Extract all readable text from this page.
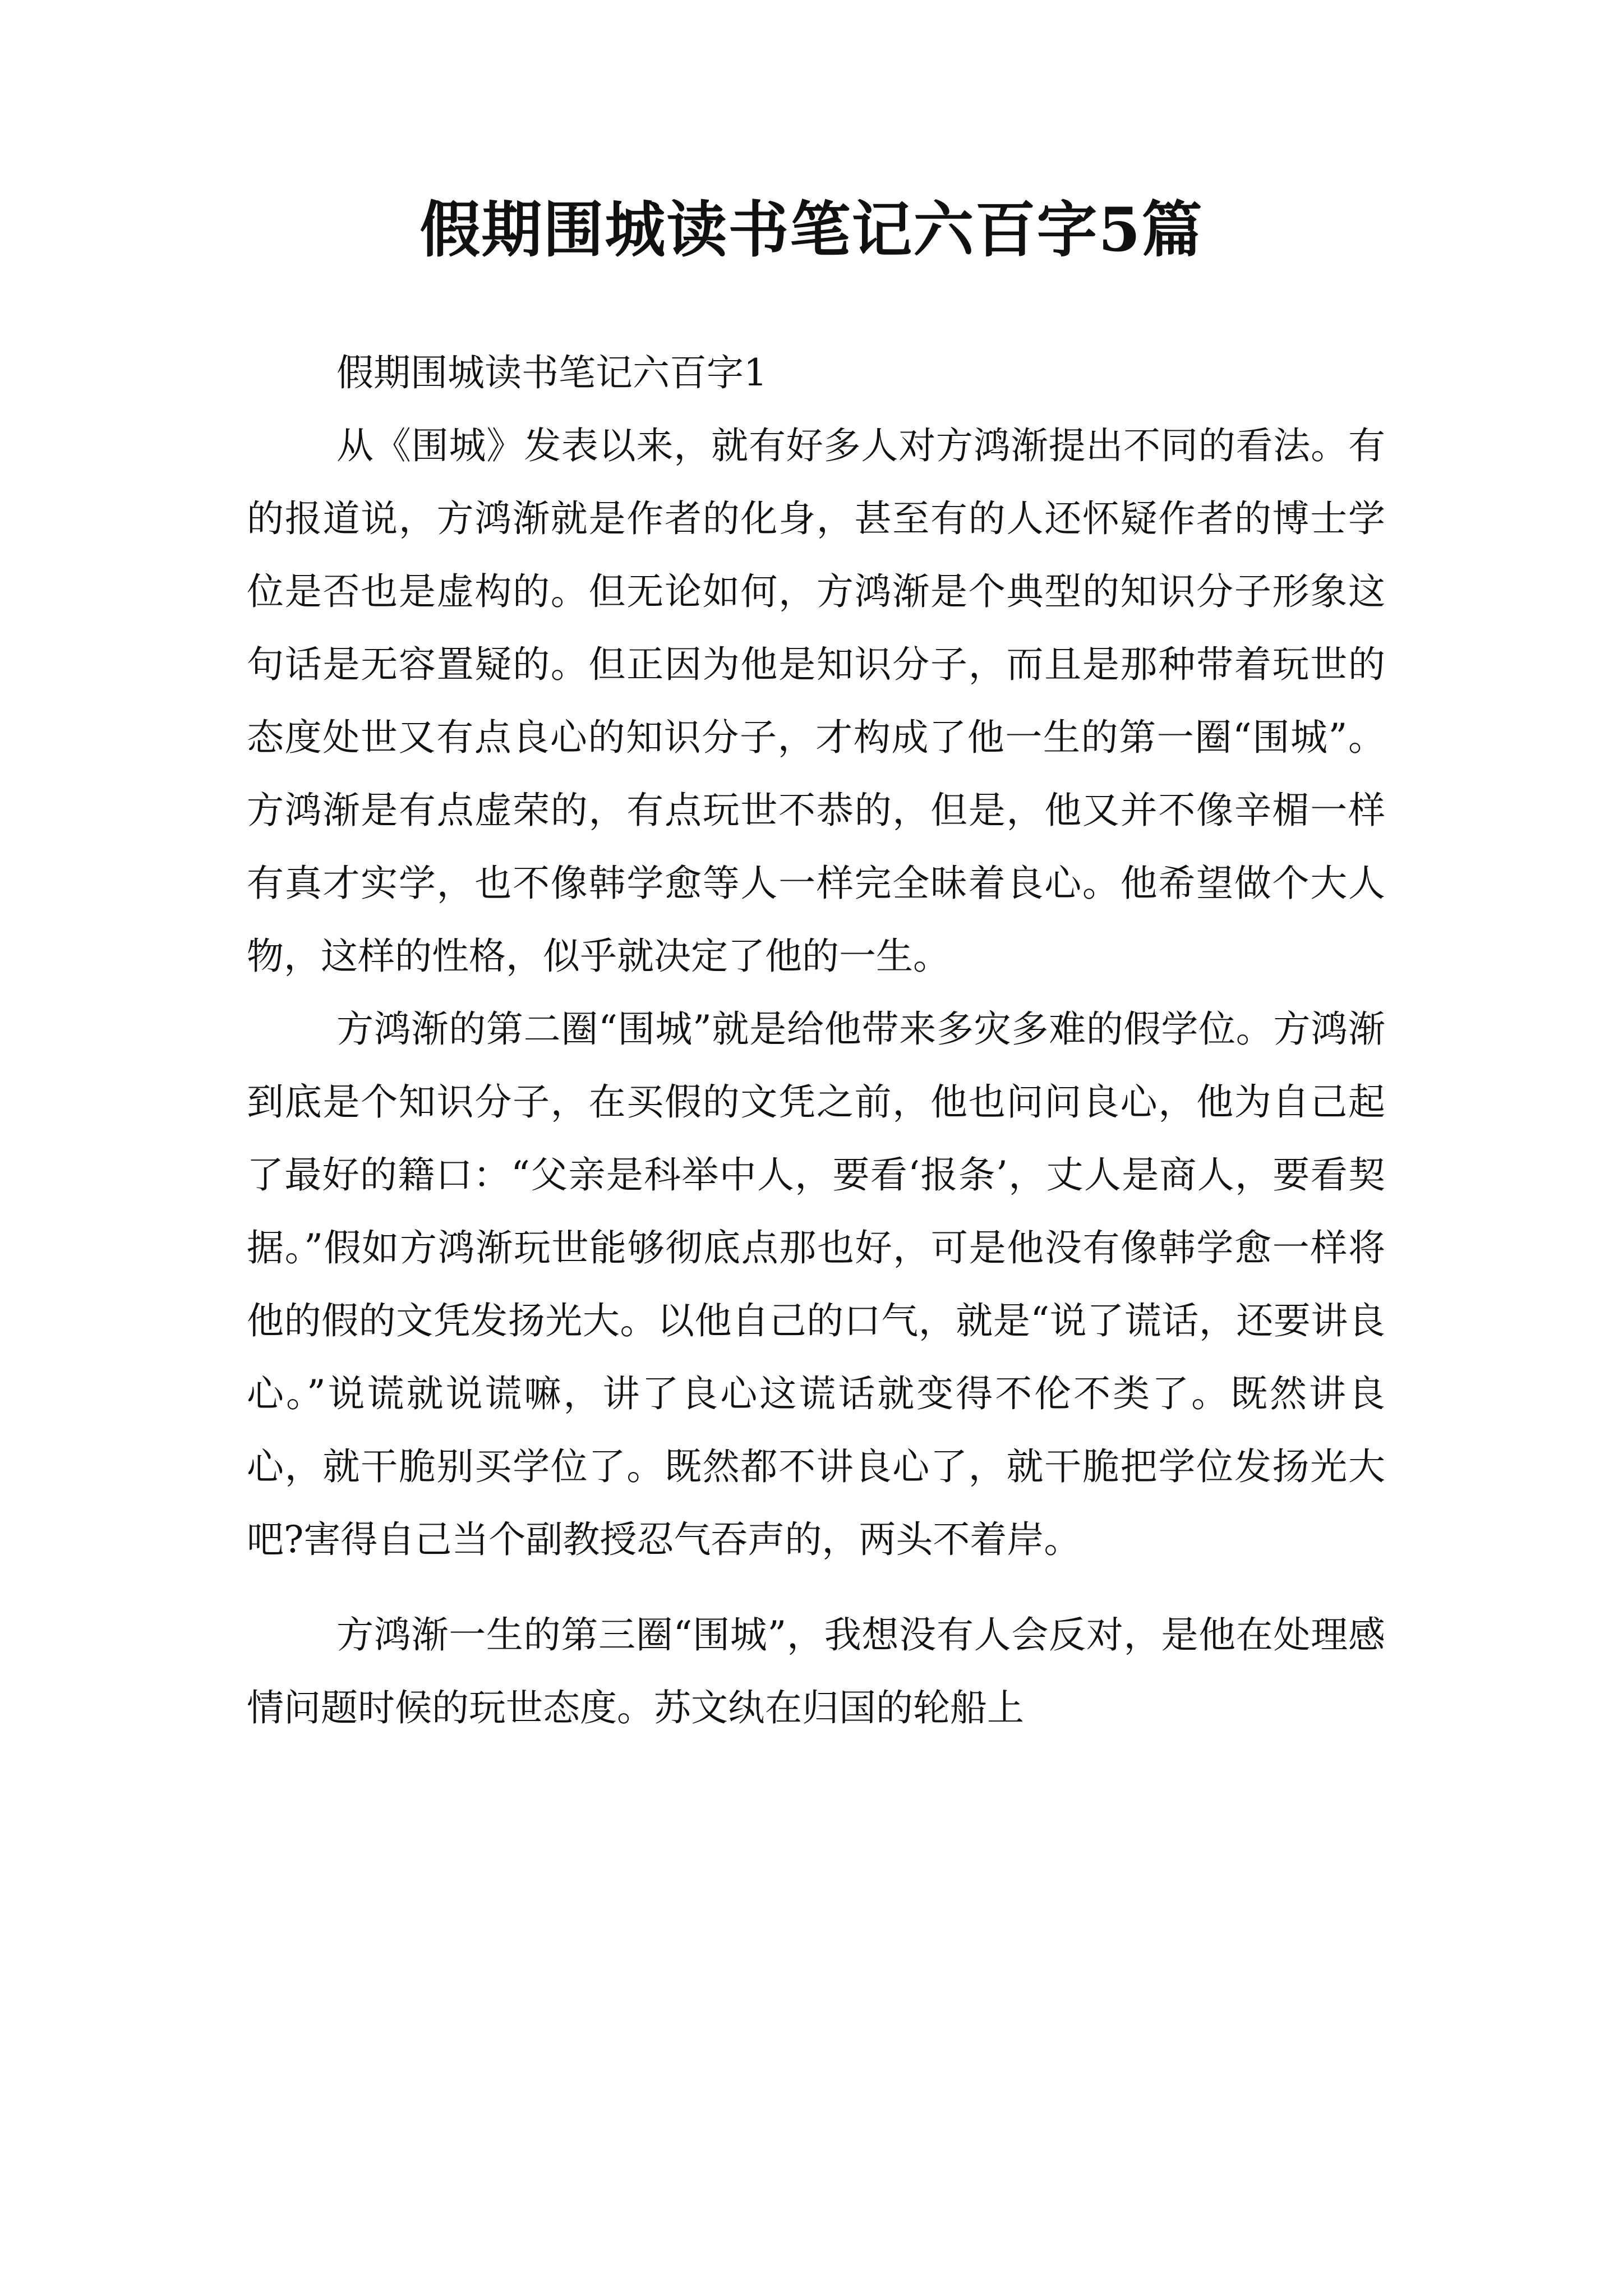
假期围城读书笔记六百字5篇
假期围城读书笔记六百字1

从《围城》发表以来，就有好多人对方鸿渐提出不同的看法。有的报道说，方鸿渐就是作者的化身，甚至有的人还怀疑作者的博士学位是否也是虚构的。但无论如何，方鸿渐是个典型的知识分子形象这句话是无容置疑的。但正因为他是知识分子，而且是那种带着玩世的态度处世又有点良心的知识分子，才构成了他一生的第一圈“围城”。方鸿渐是有点虚荣的，有点玩世不恭的，但是，他又并不像辛楣一样有真才实学，也不像韩学愈等人一样完全昧着良心。他希望做个大人物，这样的性格，似乎就决定了他的一生。

方鸿渐的第二圈“围城”就是给他带来多灾多难的假学位。方鸿渐到底是个知识分子，在买假的文凭之前，他也问问良心，他为自己起了最好的籍口：“父亲是科举中人，要看‘报条’，丈人是商人，要看契据。”假如方鸿渐玩世能够彻底点那也好，可是他没有像韩学愈一样将他的假的文凭发扬光大。以他自己的口气，就是“说了谎话，还要讲良心。”说谎就说谎嘛，讲了良心这谎话就变得不伦不类了。既然讲良心，就干脆别买学位了。既然都不讲良心了，就干脆把学位发扬光大吧?害得自己当个副教授忍气吞声的，两头不着岸。

方鸿渐一生的第三圈“围城”，我想没有人会反对，是他在处理感情问题时候的玩世态度。苏文纨在归国的轮船上
